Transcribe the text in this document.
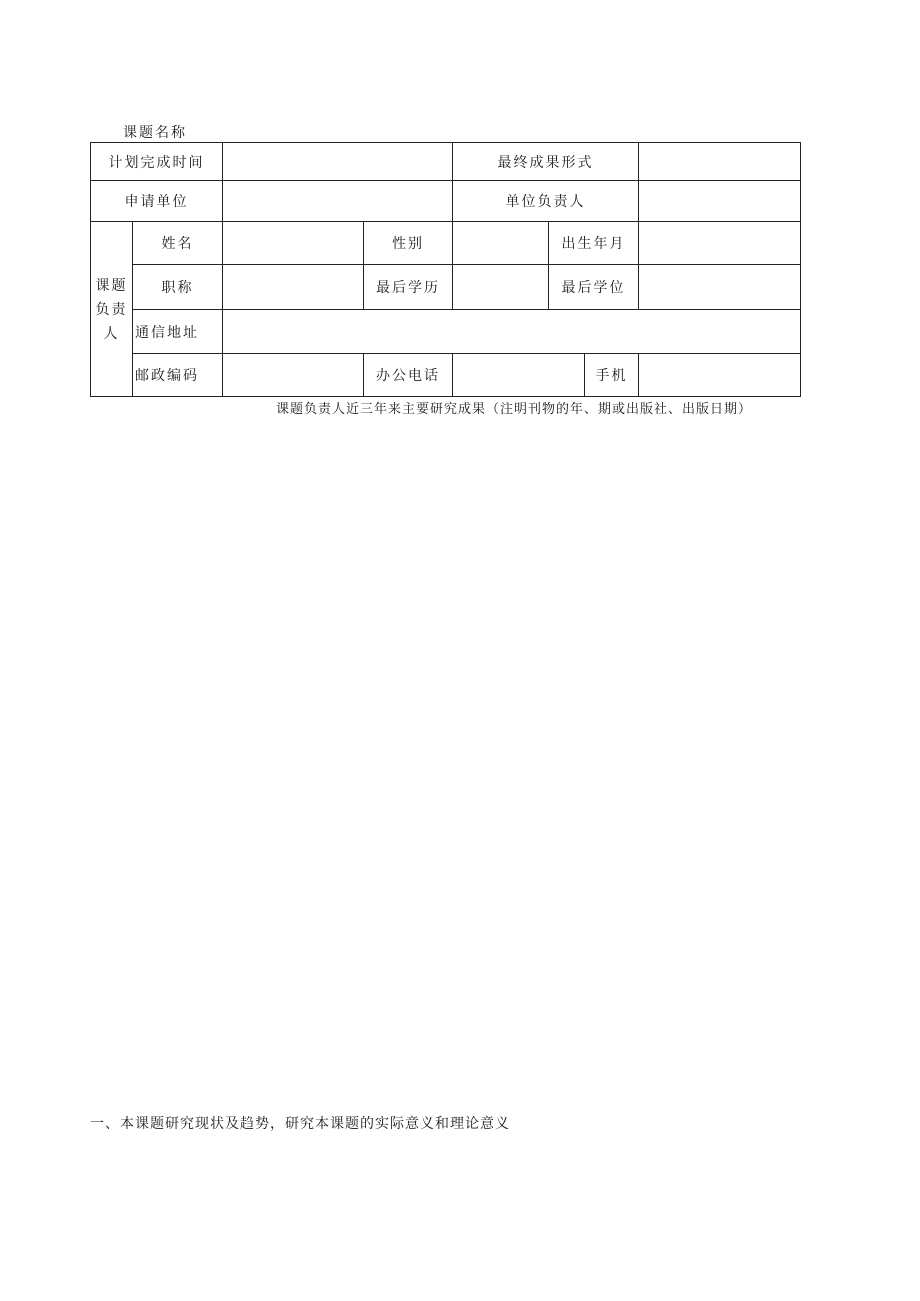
课题名称
计划完成时间	最终成果形式
申请单位	单位负责人
课题负责人
姓名	性别	出生年月
职称	最后学历	最后学位
通信地址
邮政编码	办公电话	手机
课题负责人近三年来主要研究成果（注明刊物的年、期或出版社、出版日期）
一、本课题研究现状及趋势，研究本课题的实际意义和理论意义
